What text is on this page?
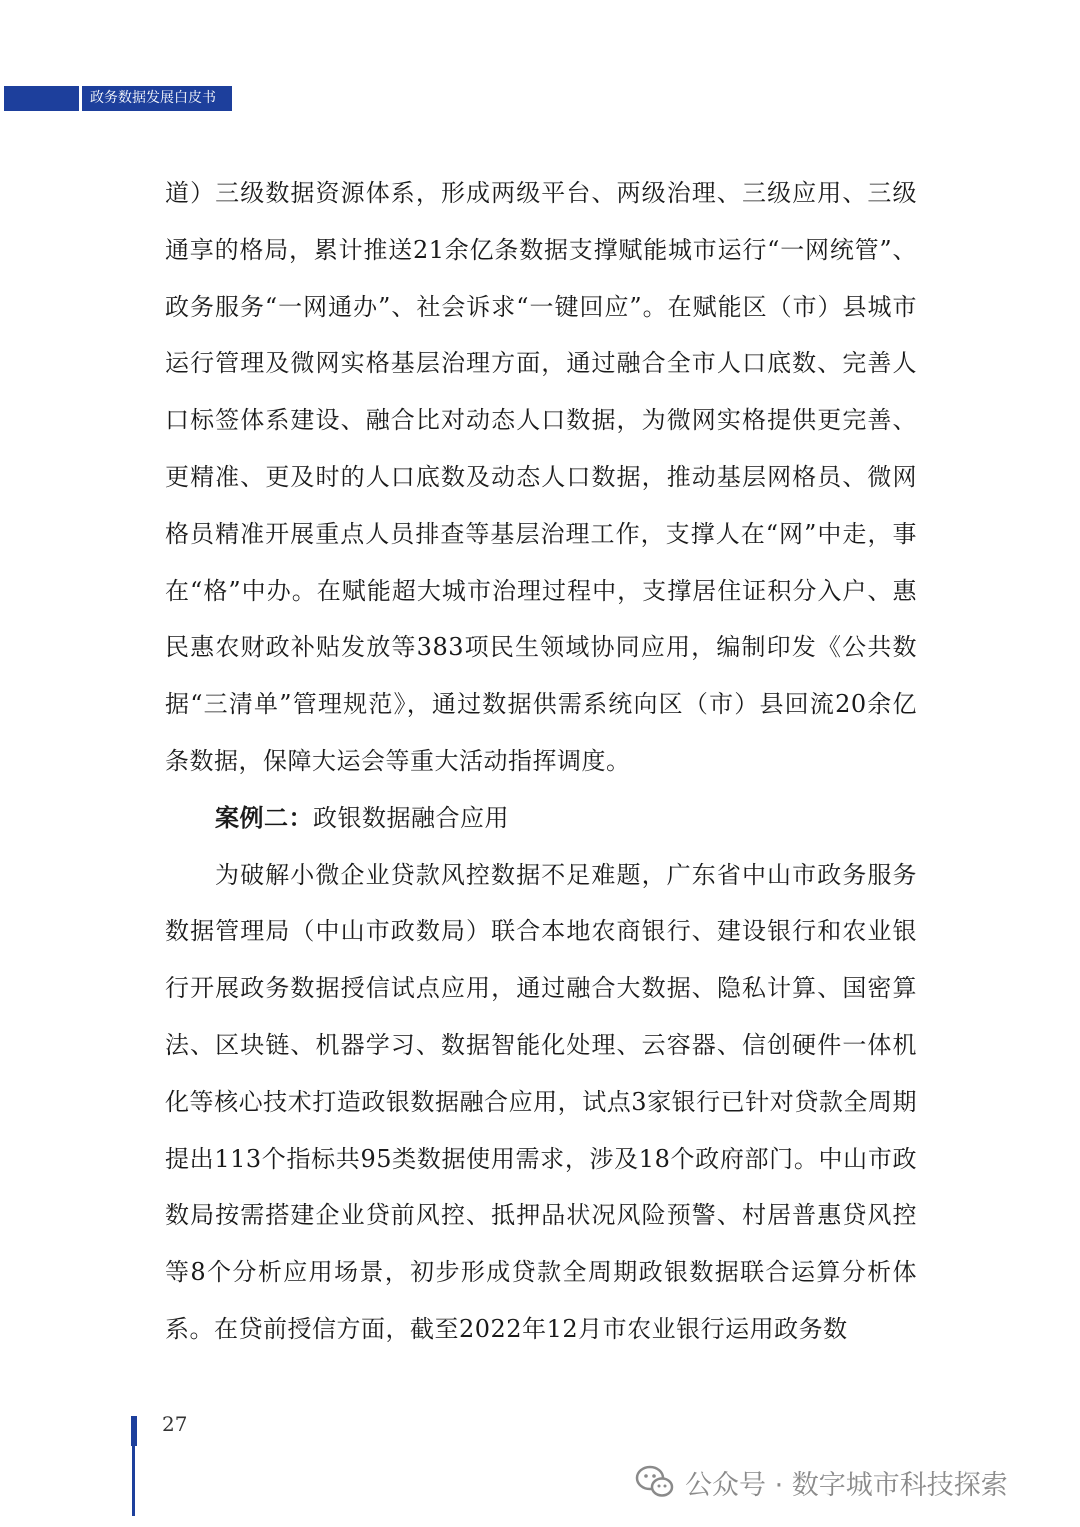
政务数据发展白皮书

道）三级数据资源体系，形成两级平台、两级治理、三级应用、三级通享的格局，累计推送21余亿条数据支撑赋能城市运行“一网统管”、政务服务“一网通办”、社会诉求“一键回应”。在赋能区（市）县城市运行管理及微网实格基层治理方面，通过融合全市人口底数、完善人口标签体系建设、融合比对动态人口数据，为微网实格提供更完善、更精准、更及时的人口底数及动态人口数据，推动基层网格员、微网格员精准开展重点人员排查等基层治理工作，支撑人在“网”中走，事在“格”中办。在赋能超大城市治理过程中，支撑居住证积分入户、惠民惠农财政补贴发放等383项民生领域协同应用，编制印发《公共数据“三清单”管理规范》，通过数据供需系统向区（市）县回流20余亿条数据，保障大运会等重大活动指挥调度。

案例二：政银数据融合应用

为破解小微企业贷款风控数据不足难题，广东省中山市政务服务数据管理局（中山市政数局）联合本地农商银行、建设银行和农业银行开展政务数据授信试点应用，通过融合大数据、隐私计算、国密算法、区块链、机器学习、数据智能化处理、云容器、信创硬件一体机化等核心技术打造政银数据融合应用，试点3家银行已针对贷款全周期提出113个指标共95类数据使用需求，涉及18个政府部门。中山市政数局按需搭建企业贷前风控、抵押品状况风险预警、村居普惠贷风控等8个分析应用场景，初步形成贷款全周期政银数据联合运算分析体系。在贷前授信方面，截至2022年12月市农业银行运用政务数

27
公众号 · 数字城市科技探索
